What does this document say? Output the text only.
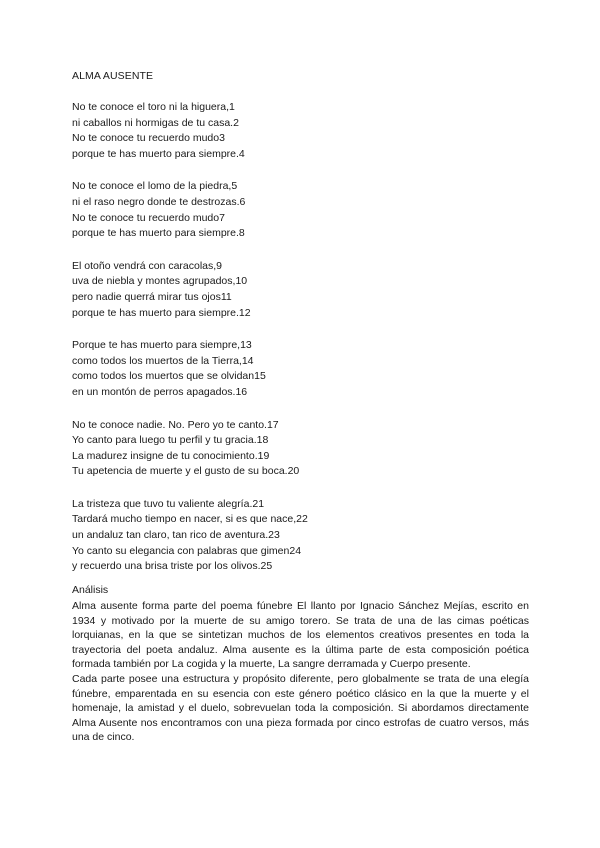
ALMA AUSENTE
No te conoce el toro ni la higuera,1
ni caballos ni hormigas de tu casa.2
No te conoce tu recuerdo mudo3
porque te has muerto para siempre.4
No te conoce el lomo de la piedra,5
ni el raso negro donde te destrozas.6
No te conoce tu recuerdo mudo7
porque te has muerto para siempre.8
El otoño vendrá con caracolas,9
uva de niebla y montes agrupados,10
pero nadie querrá mirar tus ojos11
porque te has muerto para siempre.12
Porque te has muerto para siempre,13
como todos los muertos de la Tierra,14
como todos los muertos que se olvidan15
en un montón de perros apagados.16
No te conoce nadie. No. Pero yo te canto.17
Yo canto para luego tu perfil y tu gracia.18
La madurez insigne de tu conocimiento.19
Tu apetencia de muerte y el gusto de su boca.20
La tristeza que tuvo tu valiente alegría.21
Tardará mucho tiempo en nacer, si es que nace,22
un andaluz tan claro, tan rico de aventura.23
Yo canto su elegancia con palabras que gimen24
y recuerdo una brisa triste por los olivos.25
Análisis

Alma ausente forma parte del poema fúnebre El llanto por Ignacio Sánchez Mejías, escrito en 1934 y motivado por la muerte de su amigo torero. Se trata de una de las cimas poéticas lorquianas, en la que se sintetizan muchos de los elementos creativos presentes en toda la trayectoria del poeta andaluz. Alma ausente es la última parte de esta composición poética formada también por La cogida y la muerte, La sangre derramada y Cuerpo presente.

Cada parte posee una estructura y propósito diferente, pero globalmente se trata de una elegía fúnebre, emparentada en su esencia con este género poético clásico en la que la muerte y el homenaje, la amistad y el duelo, sobrevuelan toda la composición. Si abordamos directamente Alma Ausente nos encontramos con una pieza formada por cinco estrofas de cuatro versos, más una de cinco.
